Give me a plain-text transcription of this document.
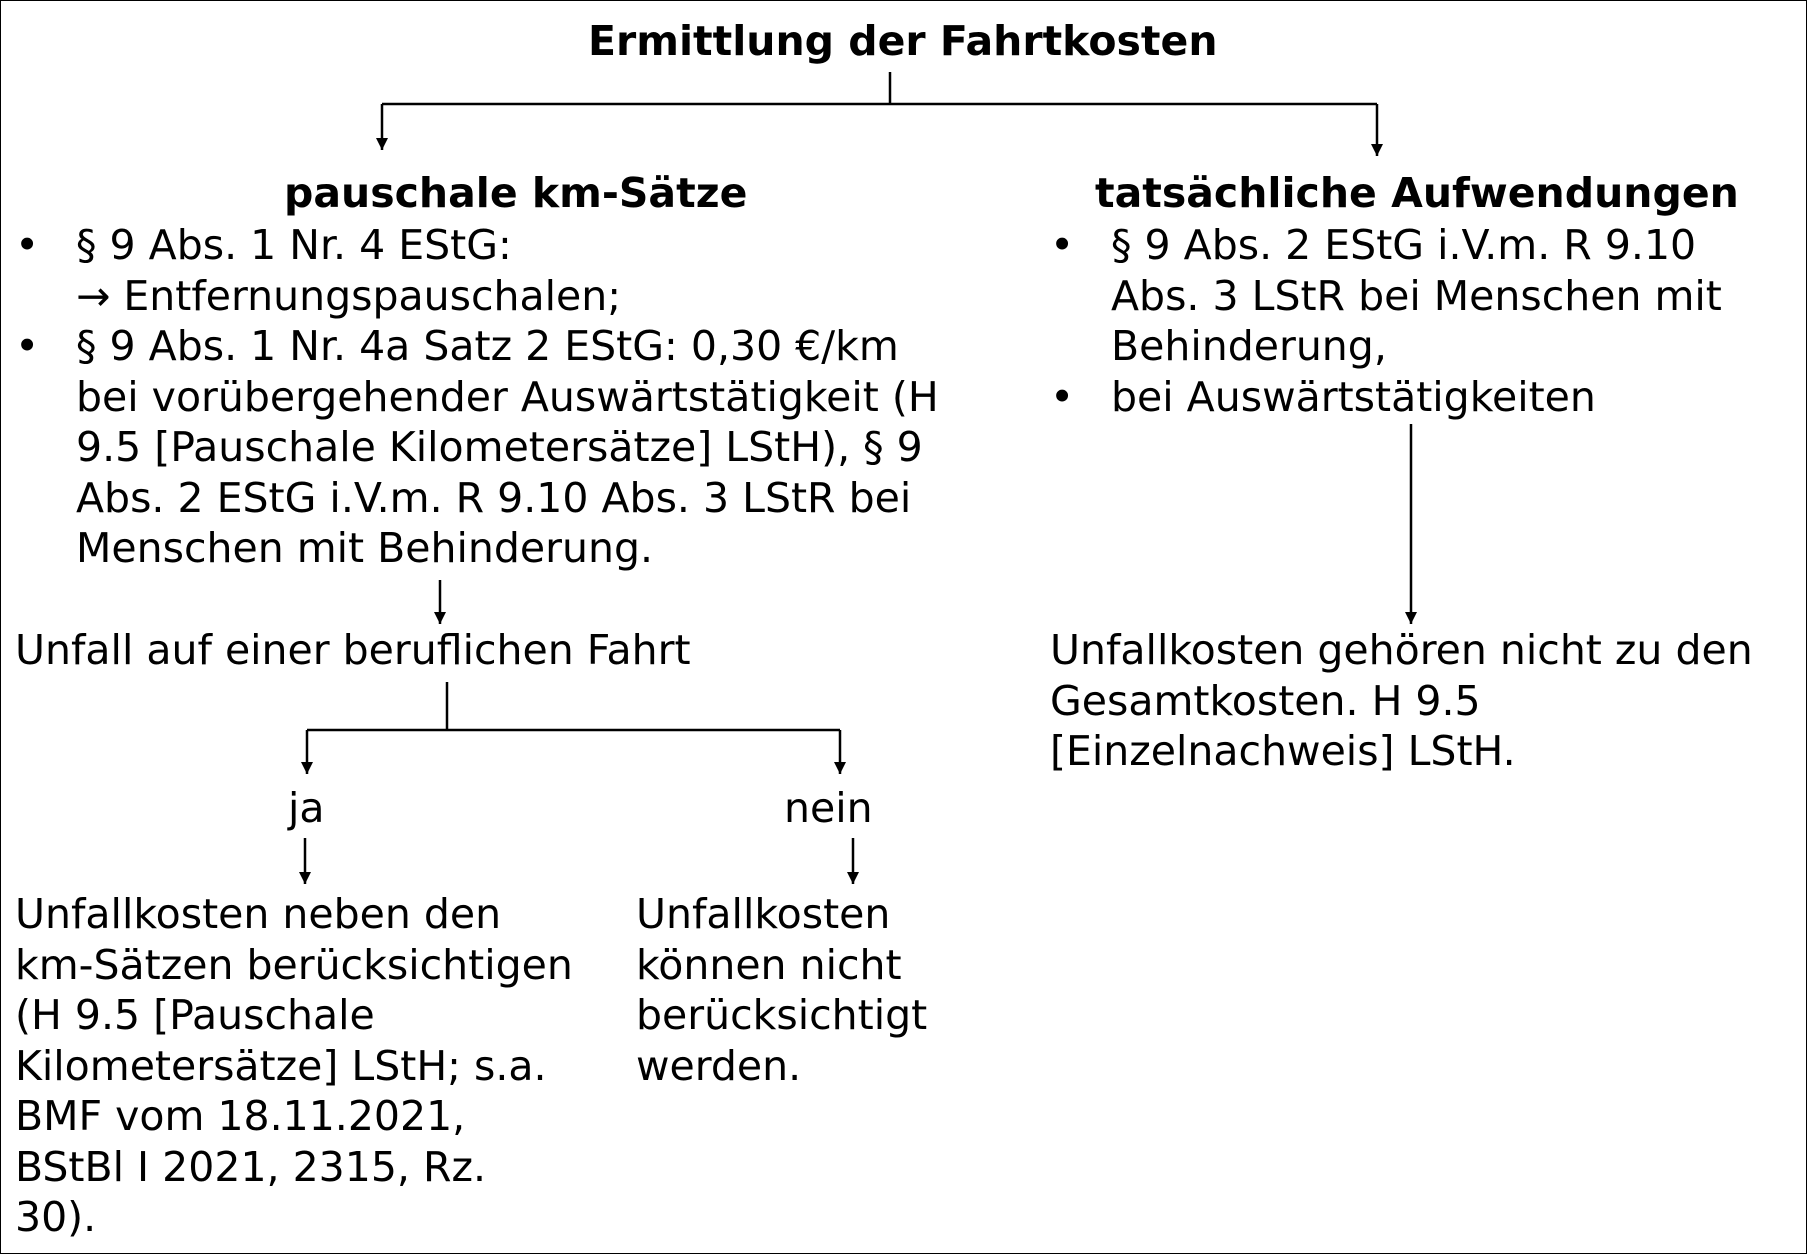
Ermittlung der Fahrtkosten
pauschale km-Sätze	tatsächliche Aufwendungen
• § 9 Abs. 1 Nr. 4 EStG:
→ Entfernungspauschalen;
• § 9 Abs. 1 Nr. 4a Satz 2 EStG: 0,30 €/km
bei vorübergehender Auswärtstätigkeit (H
9.5 [Pauschale Kilometersätze] LStH), § 9
Abs. 2 EStG i.V.m. R 9.10 Abs. 3 LStR bei
Menschen mit Behinderung.
• § 9 Abs. 2 EStG i.V.m. R 9.10
Abs. 3 LStR bei Menschen mit
Behinderung,
• bei Auswärtstätigkeiten
Unfall auf einer beruflichen Fahrt
ja	nein
Unfallkosten neben den
km-Sätzen berücksichtigen
(H 9.5 [Pauschale
Kilometersätze] LStH; s.a.
BMF vom 18.11.2021,
BStBl I 2021, 2315, Rz.
30).
Unfallkosten
können nicht
berücksichtigt
werden.
Unfallkosten gehören nicht zu den
Gesamtkosten. H 9.5
[Einzelnachweis] LStH.
